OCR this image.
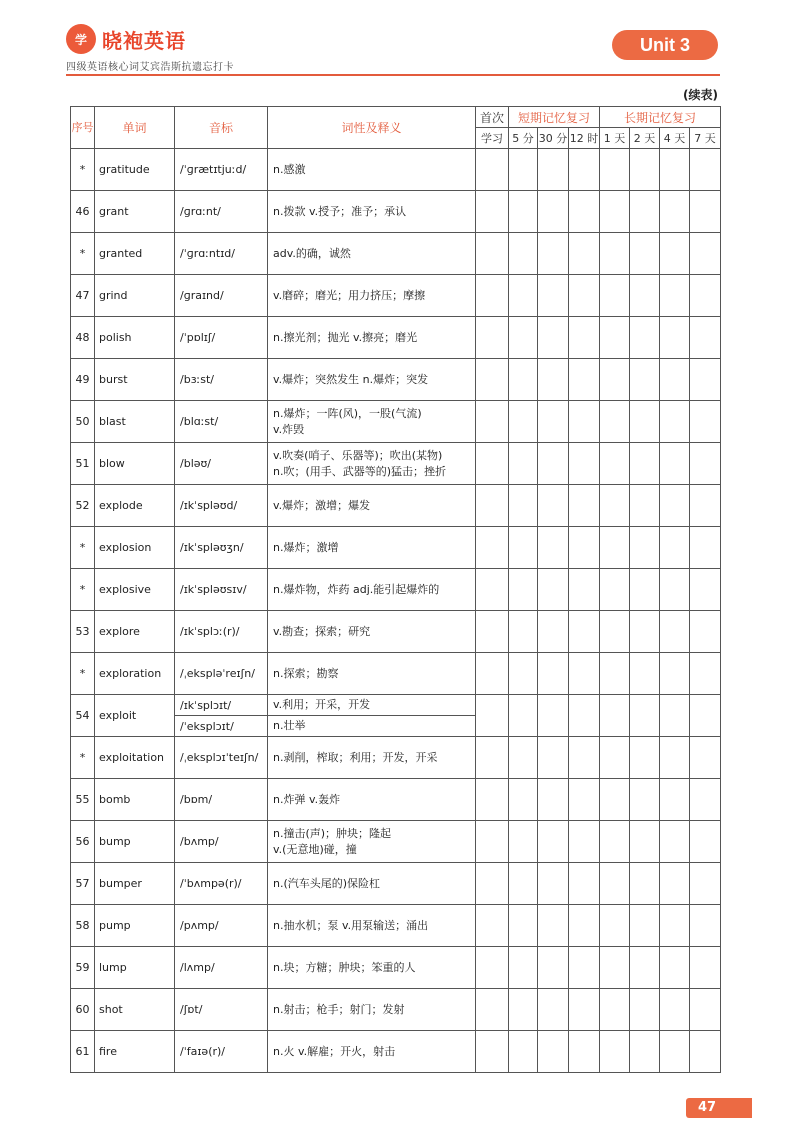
学 晓袍英语
四级英语核心词艾宾浩斯抗遗忘打卡
Unit 3
(续表)
序号	单词	音标	词性及释义	首次	短期记忆复习			长期记忆复习			
				学习	5 分	30 分	12 时	1 天	2 天	4 天	7 天
*	gratitude	/ˈɡrætɪtjuːd/	n.感激								

46	grant	/ɡrɑːnt/	n.拨款 v.授予；准予；承认								

*	granted	/ˈɡrɑːntɪd/	adv.的确，诚然								

47	grind	/ɡraɪnd/	v.磨碎；磨光；用力挤压；摩擦								

48	polish	/ˈpɒlɪʃ/	n.擦光剂；抛光 v.擦亮；磨光								

49	burst	/bɜːst/	v.爆炸；突然发生 n.爆炸；突发								

50	blast	/blɑːst/	n.爆炸；一阵(风)，一股(气流)
v.炸毁								

51	blow	/bləʊ/	v.吹奏(哨子、乐器等)；吹出(某物)
n.吹；(用手、武器等的)猛击；挫折								

52	explode	/ɪkˈspləʊd/	v.爆炸；激增；爆发								

*	explosion	/ɪkˈspləʊʒn/	n.爆炸；激增								

*	explosive	/ɪkˈspləʊsɪv/	n.爆炸物，炸药 adj.能引起爆炸的								

53	explore	/ɪkˈsplɔː(r)/	v.勘查；探索；研究								

*	exploration	/ˌekspləˈreɪʃn/	n.探索；勘察								

54	exploit	/ɪkˈsplɔɪt/	v.利用；开采，开发								
		/ˈeksplɔɪt/	n.壮举								
*	exploitation	/ˌeksplɔɪˈteɪʃn/	n.剥削，榨取；利用；开发，开采								

55	bomb	/bɒm/	n.炸弹 v.轰炸								

56	bump	/bʌmp/	n.撞击(声)；肿块；隆起
v.(无意地)碰，撞								

57	bumper	/ˈbʌmpə(r)/	n.(汽车头尾的)保险杠								

58	pump	/pʌmp/	n.抽水机；泵 v.用泵输送；涌出								

59	lump	/lʌmp/	n.块；方糖；肿块；笨重的人								

60	shot	/ʃɒt/	n.射击；枪手；射门；发射								

61	fire	/ˈfaɪə(r)/	n.火 v.解雇；开火，射击								

47
